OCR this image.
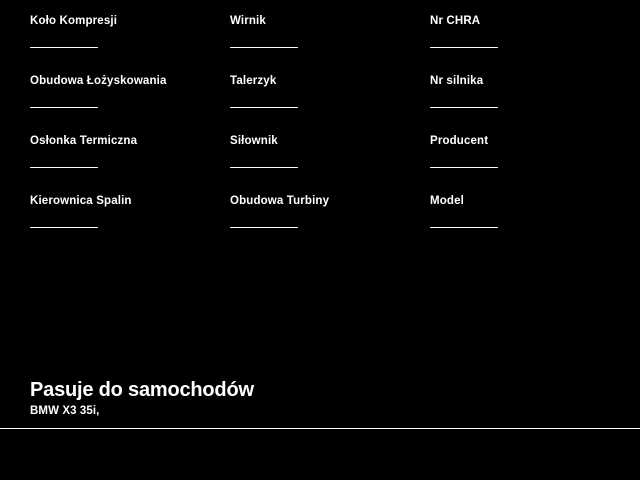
Koło Kompresji	Wirnik	Nr CHRA
Obudowa Łożyskowania	Talerzyk	Nr silnika
Osłonka Termiczna	Siłownik	Producent
Kierownica Spalin	Obudowa Turbiny	Model
Pasuje do samochodów
BMW X3 35i,
